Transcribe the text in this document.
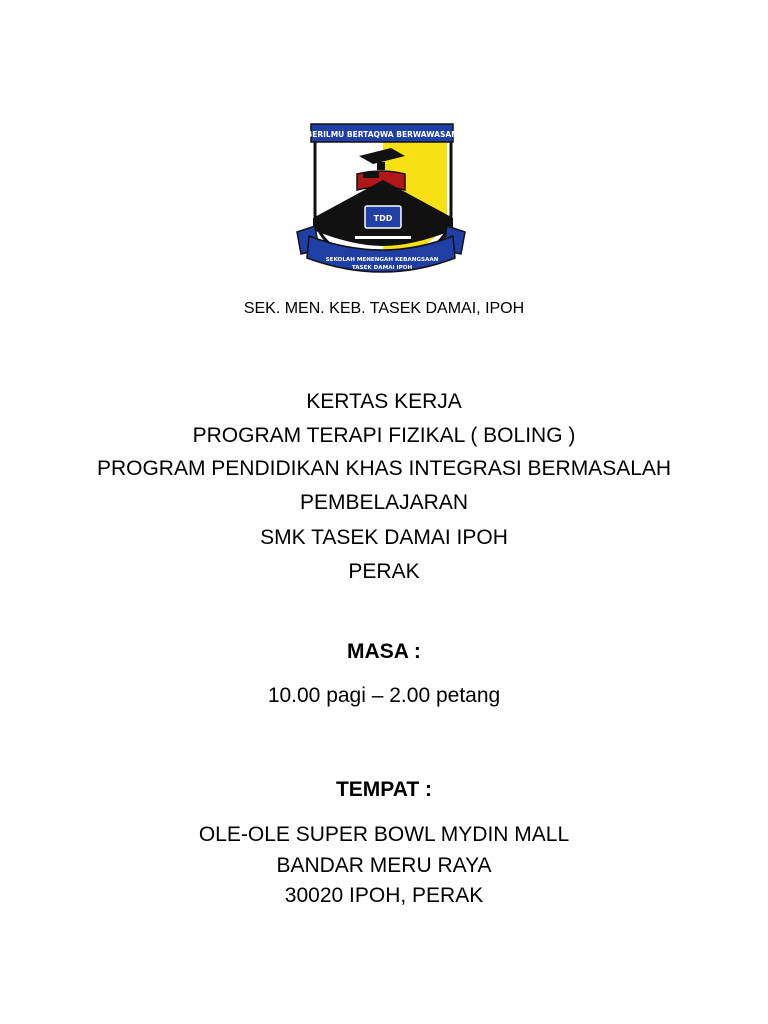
BERILMU BERTAQWA BERWAWASAN
TDD
SEKOLAH MENENGAH KEBANGSAAN
TASEK DAMAI IPOH
SEK. MEN. KEB. TASEK DAMAI, IPOH
KERTAS KERJA
PROGRAM TERAPI FIZIKAL ( BOLING )
PROGRAM PENDIDIKAN KHAS INTEGRASI BERMASALAH
PEMBELAJARAN
SMK TASEK DAMAI IPOH
PERAK
MASA :
10.00 pagi – 2.00 petang
TEMPAT :
OLE-OLE SUPER BOWL MYDIN MALL
BANDAR MERU RAYA
30020 IPOH, PERAK
